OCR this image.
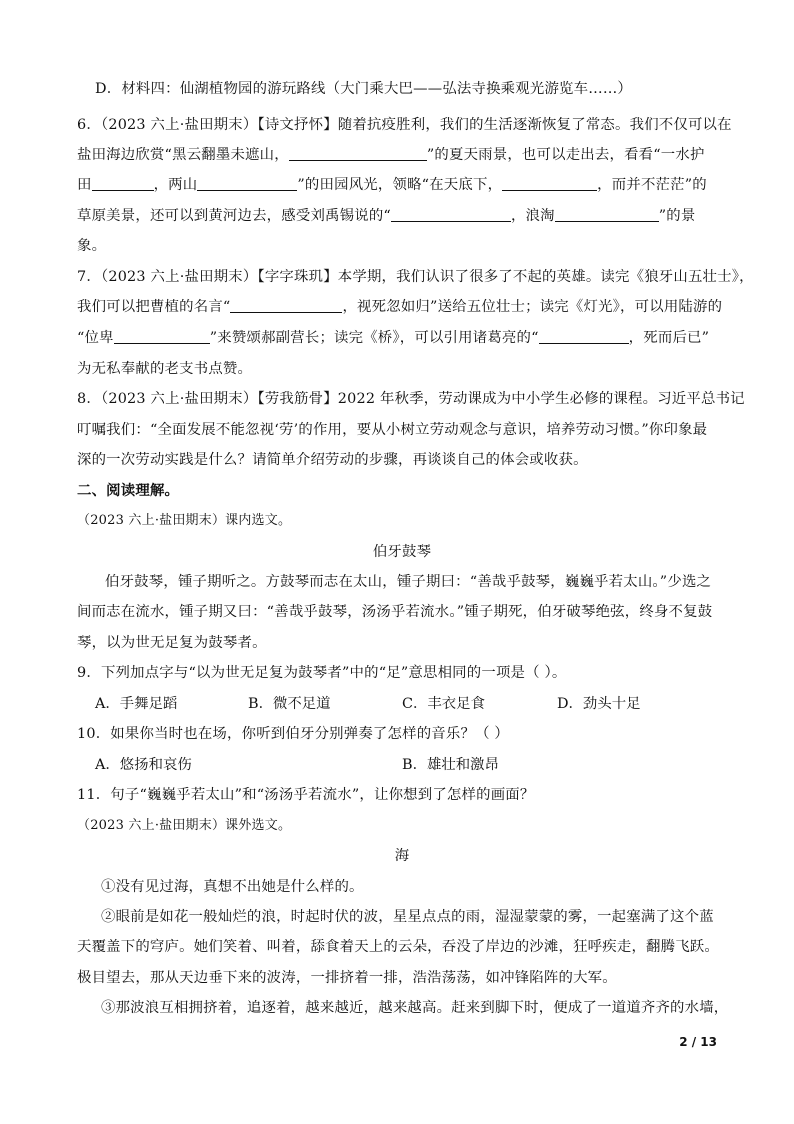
D．材料四：仙湖植物园的游玩路线（大门乘大巴——弘法寺换乘观光游览车……）
6．（2023 六上·盐田期末）【诗文抒怀】随着抗疫胜利，我们的生活逐渐恢复了常态。我们不仅可以在
盐田海边欣赏“黑云翻墨未遮山，	”的夏天雨景，也可以走出去，看看“一水护
田	，两山	”的田园风光，领略“在天底下，	，而并不茫茫”的
草原美景，还可以到黄河边去，感受刘禹锡说的“	，浪淘	”的景
象。
7．（2023 六上·盐田期末）【字字珠玑】本学期，我们认识了很多了不起的英雄。读完《狼牙山五壮士》，
我们可以把曹植的名言“	，视死忽如归”送给五位壮士；读完《灯光》，可以用陆游的
“位卑	”来赞颂郝副营长；读完《桥》，可以引用诸葛亮的“	，死而后已”
为无私奉献的老支书点赞。
8．（2023 六上·盐田期末）【劳我筋骨】2022 年秋季，劳动课成为中小学生必修的课程。习近平总书记
叮嘱我们：“全面发展不能忽视‘劳’的作用，要从小树立劳动观念与意识，培养劳动习惯。”你印象最
深的一次劳动实践是什么？请简单介绍劳动的步骤，再谈谈自己的体会或收获。
二、阅读理解。
（2023 六上·盐田期末）课内选文。
伯牙鼓琴
伯牙鼓琴，锺子期听之。方鼓琴而志在太山，锺子期曰：“善哉乎鼓琴，巍巍乎若太山。”少选之
间而志在流水，锺子期又曰：“善哉乎鼓琴，汤汤乎若流水。”锺子期死，伯牙破琴绝弦，终身不复鼓
琴，以为世无足复为鼓琴者。
9．下列加点字与“以为世无足复为鼓琴者”中的“足”意思相同的一项是（ ）。
A．手舞足蹈	B．微不足道	C．丰衣足食	D．劲头十足
10．如果你当时也在场，你听到伯牙分别弹奏了怎样的音乐？（ ）
A．悠扬和哀伤	B．雄壮和激昂
11．句子“巍巍乎若太山”和“汤汤乎若流水”，让你想到了怎样的画面？
（2023 六上·盐田期末）课外选文。
海
①没有见过海，真想不出她是什么样的。
②眼前是如花一般灿烂的浪，时起时伏的波，星星点点的雨，湿湿蒙蒙的雾，一起塞满了这个蓝
天覆盖下的穹庐。她们笑着、叫着，舔食着天上的云朵，吞没了岸边的沙滩，狂呼疾走，翻腾飞跃。
极目望去，那从天边垂下来的波涛，一排挤着一排，浩浩荡荡，如冲锋陷阵的大军。
③那波浪互相拥挤着，追逐着，越来越近，越来越高。赶来到脚下时，便成了一道道齐齐的水墙，
2 / 13
